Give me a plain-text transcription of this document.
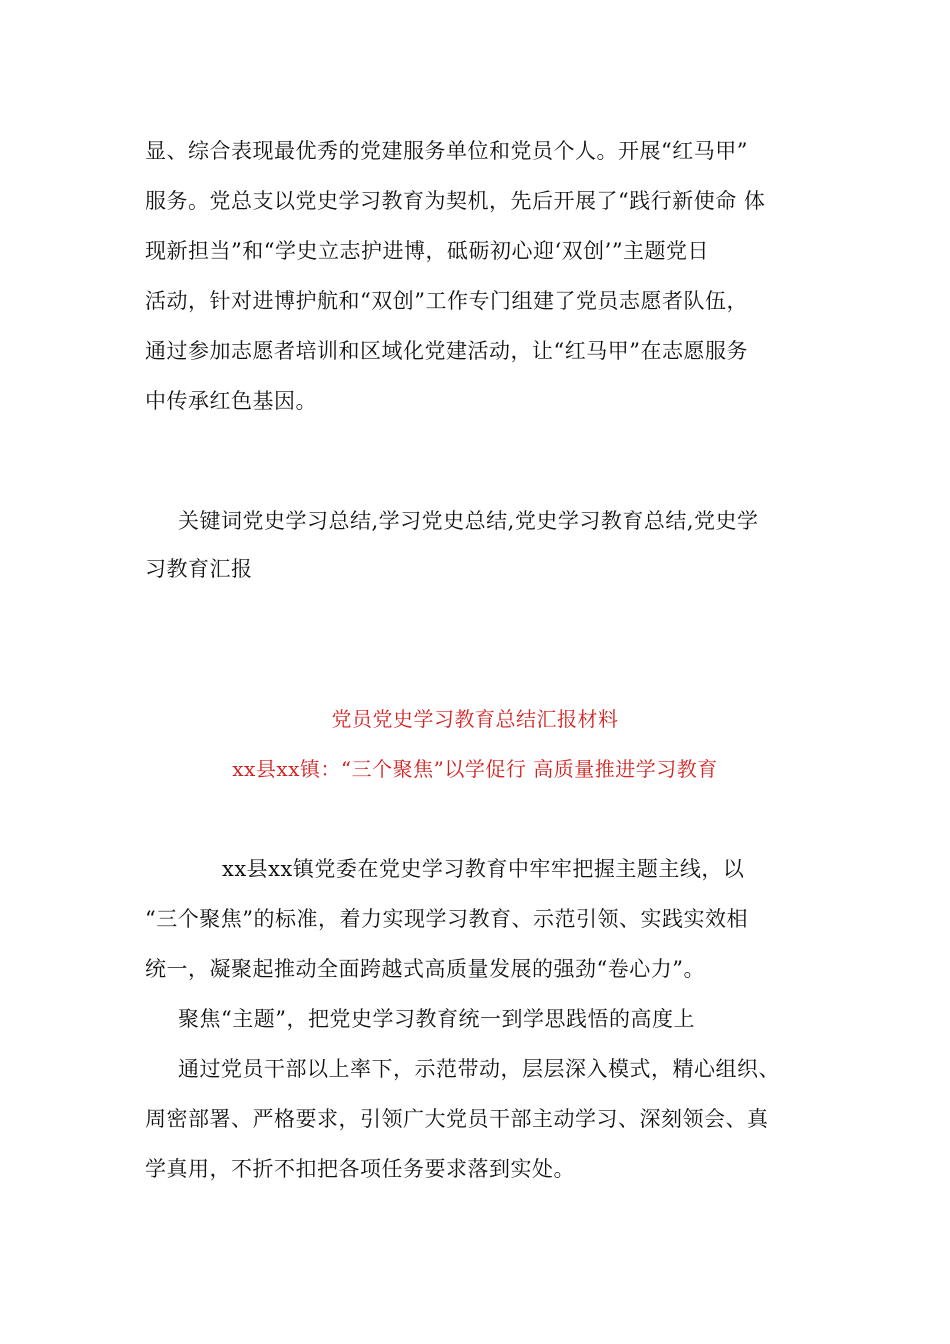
显、综合表现最优秀的党建服务单位和党员个人。开展“红马甲”
服务。党总支以党史学习教育为契机，先后开展了“践行新使命 体
现新担当”和“学史立志护进博，砥砺初心迎‘双创’”主题党日
活动，针对进博护航和“双创”工作专门组建了党员志愿者队伍，
通过参加志愿者培训和区域化党建活动，让“红马甲”在志愿服务
中传承红色基因。
关键词党史学习总结,学习党史总结,党史学习教育总结,党史学
习教育汇报
党员党史学习教育总结汇报材料
xx县xx镇：“三个聚焦”以学促行 高质量推进学习教育
xx县xx镇党委在党史学习教育中牢牢把握主题主线，以
“三个聚焦”的标准，着力实现学习教育、示范引领、实践实效相
统一，凝聚起推动全面跨越式高质量发展的强劲“卷心力”。
聚焦“主题”，把党史学习教育统一到学思践悟的高度上
通过党员干部以上率下，示范带动，层层深入模式，精心组织、
周密部署、严格要求，引领广大党员干部主动学习、深刻领会、真
学真用，不折不扣把各项任务要求落到实处。
